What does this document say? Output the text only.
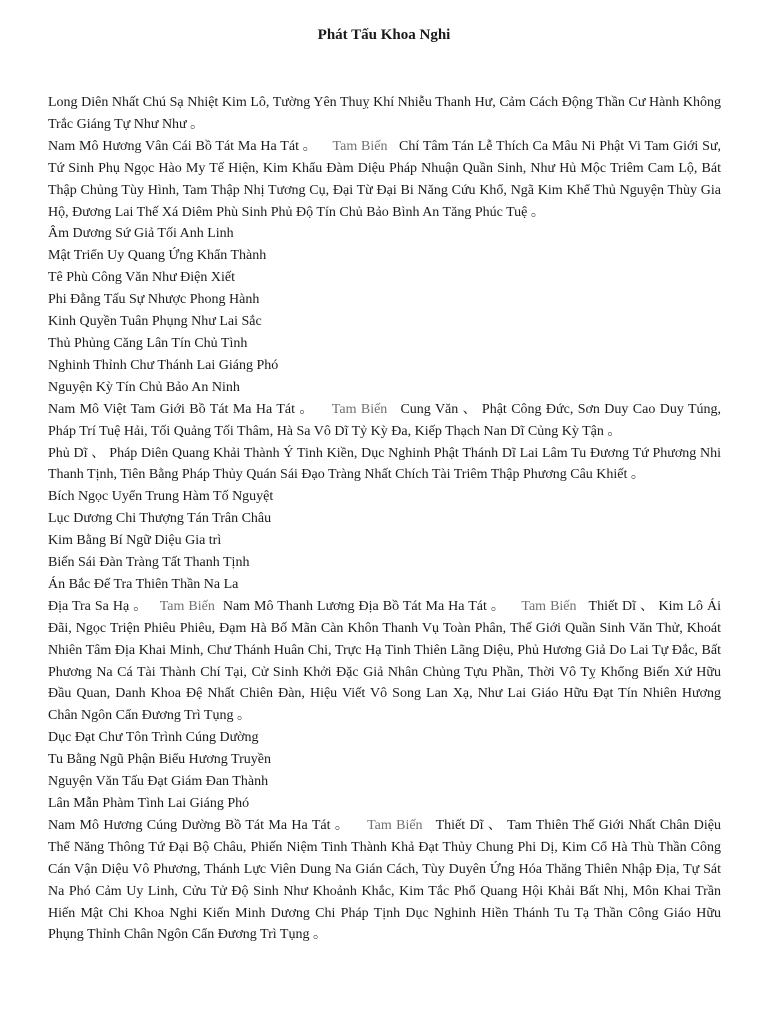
Phát Tấu Khoa Nghi

Long Diên Nhất Chú Sạ Nhiệt Kim Lô, Tường Yên Thuỵ Khí Nhiễu Thanh Hư, Cảm Cách Động Thần Cư Hành Không Trắc Giáng Tự Như Như 。

Nam Mô Hương Vân Cái Bồ Tát Ma Ha Tát 。 Tam Biến Chí Tâm Tán Lễ Thích Ca Mâu Ni Phật Vi Tam Giới Sư, Tứ Sinh Phụ Ngọc Hào My Tế Hiện, Kim Khẩu Đàm Diệu Pháp Nhuận Quần Sinh, Như Hủ Mộc Triêm Cam Lộ, Bát Thập Chủng Tùy Hình, Tam Thập Nhị Tương Cụ, Đại Từ Đại Bi Năng Cứu Khổ, Ngã Kim Khể Thủ Nguyện Thùy Gia Hộ, Đương Lai Thế Xá Diêm Phù Sinh Phủ Độ Tín Chủ Bảo Bình An Tăng Phúc Tuệ 。

Âm Dương Sứ Giả Tối Anh Linh

Mật Triển Uy Quang Ứng Khẩn Thành

Tê Phù Công Văn Như Điện Xiết

Phi Đằng Tấu Sự Nhược Phong Hành

Kinh Quyền Tuân Phụng Như Lai Sắc

Thủ Phủng Căng Lân Tín Chủ Tình

Nghinh Thỉnh Chư Thánh Lai Giáng Phó

Nguyện Kỳ Tín Chủ Bảo An Ninh

Nam Mô Việt Tam Giới Bồ Tát Ma Ha Tát 。 Tam Biến Cung Văn 、 Phật Công Đức, Sơn Duy Cao Duy Túng, Pháp Trí Tuệ Hải, Tối Quảng Tối Thâm, Hà Sa Vô Dĩ Tỷ Kỳ Đa, Kiếp Thạch Nan Dĩ Củng Kỳ Tận 。

Phủ Dĩ 、 Pháp Diên Quang Khải Thành Ý Tinh Kiền, Dục Nghinh Phật Thánh Dĩ Lai Lâm Tu Đương Tứ Phương Nhi Thanh Tịnh, Tiên Bằng Pháp Thủy Quán Sái Đạo Tràng Nhất Chích Tài Triêm Thập Phương Câu Khiết 。

Bích Ngọc Uyển Trung Hàm Tố Nguyệt

Lục Dương Chi Thượng Tán Trân Châu

Kim Bằng Bí Ngữ Diệu Gia trì

Biến Sái Đàn Tràng Tất Thanh Tịnh

Án Bắc Đế Tra Thiên Thần Na La

Địa Tra Sa Hạ 。 Tam Biến Nam Mô Thanh Lương Địa Bồ Tát Ma Ha Tát 。 Tam Biến Thiết Dĩ 、 Kim Lô Ái Đãi, Ngọc Triện Phiêu Phiêu, Đạm Hà Bố Mãn Càn Khôn Thanh Vụ Toàn Phân, Thế Giới Quần Sinh Văn Thử, Khoát Nhiên Tâm Địa Khai Minh, Chư Thánh Huân Chi, Trực Hạ Tinh Thiên Lãng Diệu, Phủ Hương Giả Do Lai Tự Đắc, Bất Phương Na Cá Tài Thành Chí Tại, Cử Sinh Khởi Đặc Giả Nhân Chủng Tựu Phần, Thời Vô Tỵ Khổng Biến Xứ Hữu Đầu Quan, Danh Khoa Đệ Nhất Chiên Đàn, Hiệu Viết Vô Song Lan Xạ, Như Lai Giáo Hữu Đạt Tín Nhiên Hương Chân Ngôn Cẩn Đương Trì Tụng 。

Dục Đạt Chư Tôn Trình Cúng Dường

Tu Bằng Ngũ Phận Biểu Hương Truyền

Nguyện Văn Tấu Đạt Giám Đan Thành

Lân Mẫn Phàm Tình Lai Giáng Phó

Nam Mô Hương Cúng Dường Bồ Tát Ma Ha Tát 。 Tam Biến Thiết Dĩ 、 Tam Thiên Thế Giới Nhất Chân Diệu Thể Năng Thông Tứ Đại Bộ Châu, Phiến Niệm Tinh Thành Khả Đạt Thủy Chung Phi Dị, Kim Cổ Hà Thù Thần Công Cán Vận Diệu Vô Phương, Thánh Lực Viên Dung Na Gián Cách, Tùy Duyên Ứng Hóa Thăng Thiên Nhập Địa, Tự Sát Na Phó Cảm Uy Linh, Cửu Tử Độ Sinh Như Khoảnh Khắc, Kim Tắc Phổ Quang Hội Khải Bất Nhị, Môn Khai Trần Hiến Mật Chi Khoa Nghi Kiến Minh Dương Chi Pháp Tịnh Dục Nghinh Hiền Thánh Tu Tạ Thần Công Giáo Hữu Phụng Thỉnh Chân Ngôn Cẩn Đương Trì Tụng 。
